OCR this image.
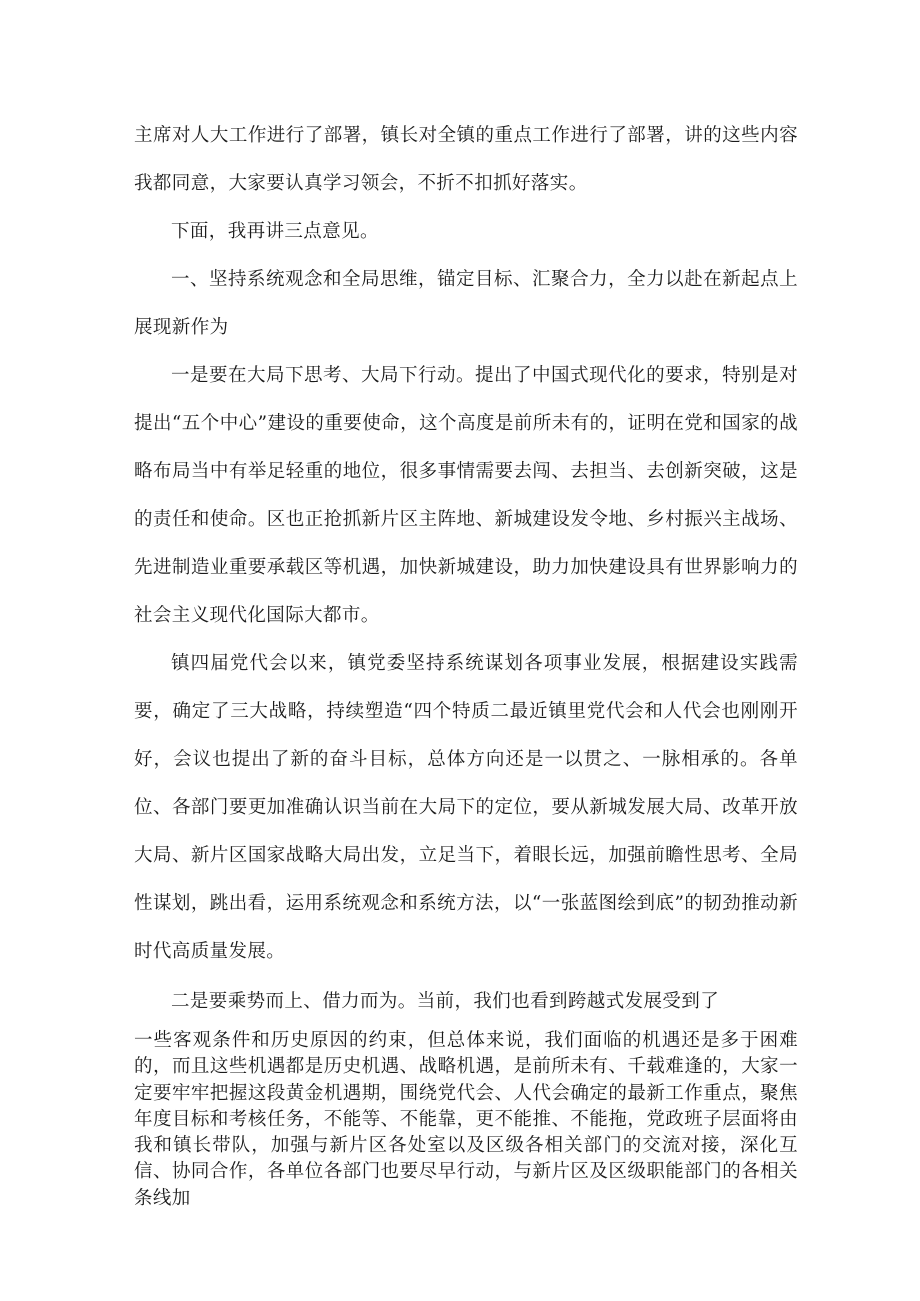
主席对人大工作进行了部署，镇长对全镇的重点工作进行了部署，讲的这些内容我都同意，大家要认真学习领会，不折不扣抓好落实。

下面，我再讲三点意见。

一、坚持系统观念和全局思维，锚定目标、汇聚合力，全力以赴在新起点上展现新作为

一是要在大局下思考、大局下行动。提出了中国式现代化的要求，特别是对提出“五个中心”建设的重要使命，这个高度是前所未有的，证明在党和国家的战略布局当中有举足轻重的地位，很多事情需要去闯、去担当、去创新突破，这是的责任和使命。区也正抢抓新片区主阵地、新城建设发令地、乡村振兴主战场、先进制造业重要承载区等机遇，加快新城建设，助力加快建设具有世界影响力的社会主义现代化国际大都市。

镇四届党代会以来，镇党委坚持系统谋划各项事业发展，根据建设实践需要，确定了三大战略，持续塑造“四个特质二最近镇里党代会和人代会也刚刚开好，会议也提出了新的奋斗目标，总体方向还是一以贯之、一脉相承的。各单位、各部门要更加准确认识当前在大局下的定位，要从新城发展大局、改革开放大局、新片区国家战略大局出发，立足当下，着眼长远，加强前瞻性思考、全局性谋划，跳出看，运用系统观念和系统方法，以“一张蓝图绘到底”的韧劲推动新时代高质量发展。

二是要乘势而上、借力而为。当前，我们也看到跨越式发展受到了

一些客观条件和历史原因的约束，但总体来说，我们面临的机遇还是多于困难的，而且这些机遇都是历史机遇、战略机遇，是前所未有、千载难逢的，大家一定要牢牢把握这段黄金机遇期，围绕党代会、人代会确定的最新工作重点，聚焦年度目标和考核任务，不能等、不能靠，更不能推、不能拖，党政班子层面将由我和镇长带队，加强与新片区各处室以及区级各相关部门的交流对接，深化互信、协同合作，各单位各部门也要尽早行动，与新片区及区级职能部门的各相关条线加
